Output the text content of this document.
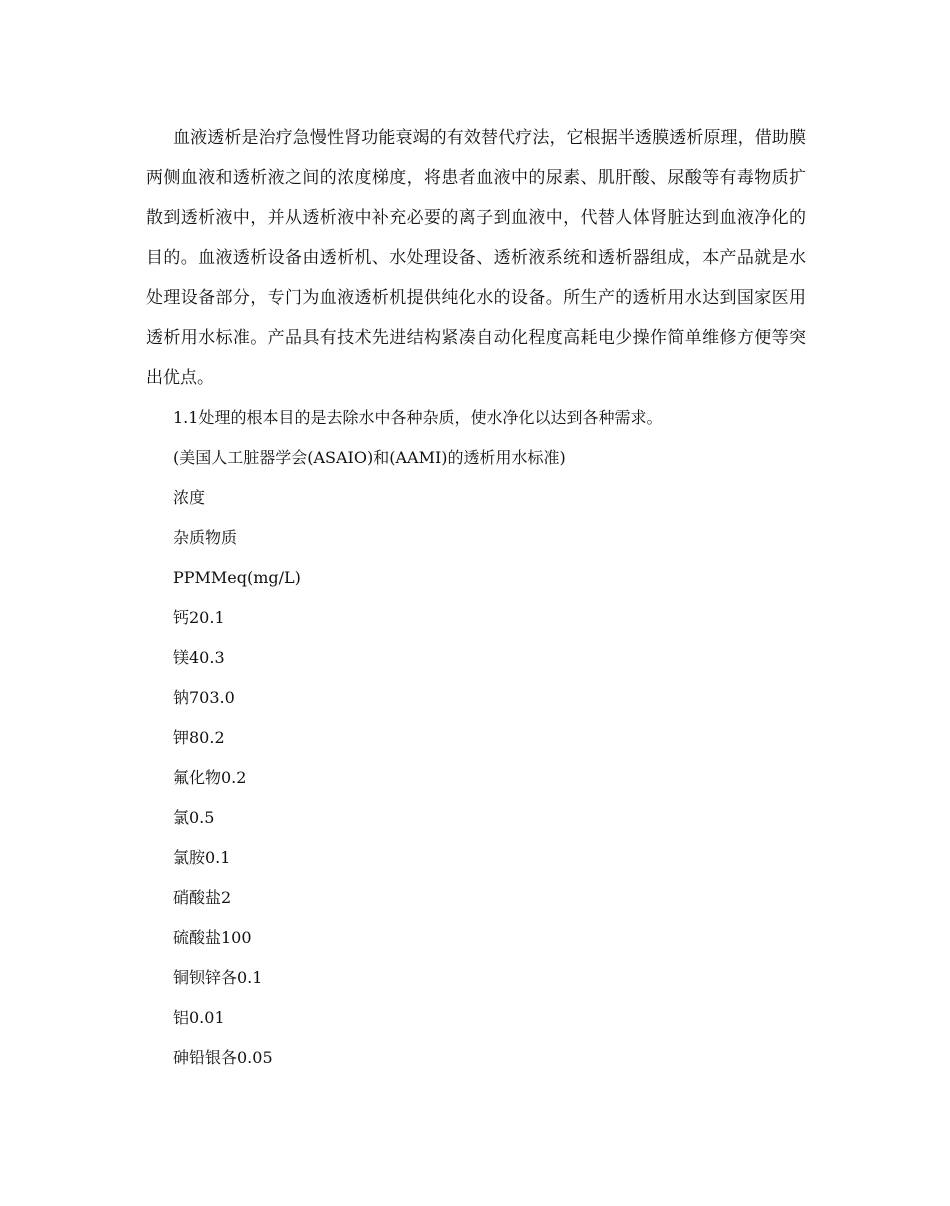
血液透析是治疗急慢性肾功能衰竭的有效替代疗法，它根据半透膜透析原理，借助膜两侧血液和透析液之间的浓度梯度，将患者血液中的尿素、肌肝酸、尿酸等有毒物质扩散到透析液中，并从透析液中补充必要的离子到血液中，代替人体肾脏达到血液净化的目的。血液透析设备由透析机、水处理设备、透析液系统和透析器组成，本产品就是水处理设备部分，专门为血液透析机提供纯化水的设备。所生产的透析用水达到国家医用透析用水标准。产品具有技术先进结构紧凑自动化程度高耗电少操作简单维修方便等突出优点。

1.1处理的根本目的是去除水中各种杂质，使水净化以达到各种需求。
(美国人工脏器学会(ASAIO)和(AAMI)的透析用水标准)
浓度
杂质物质
PPMMeq(mg/L)
钙20.1
镁40.3
钠703.0
钾80.2
氟化物0.2
氯0.5
氯胺0.1
硝酸盐2
硫酸盐100
铜钡锌各0.1
铝0.01
砷铅银各0.05
